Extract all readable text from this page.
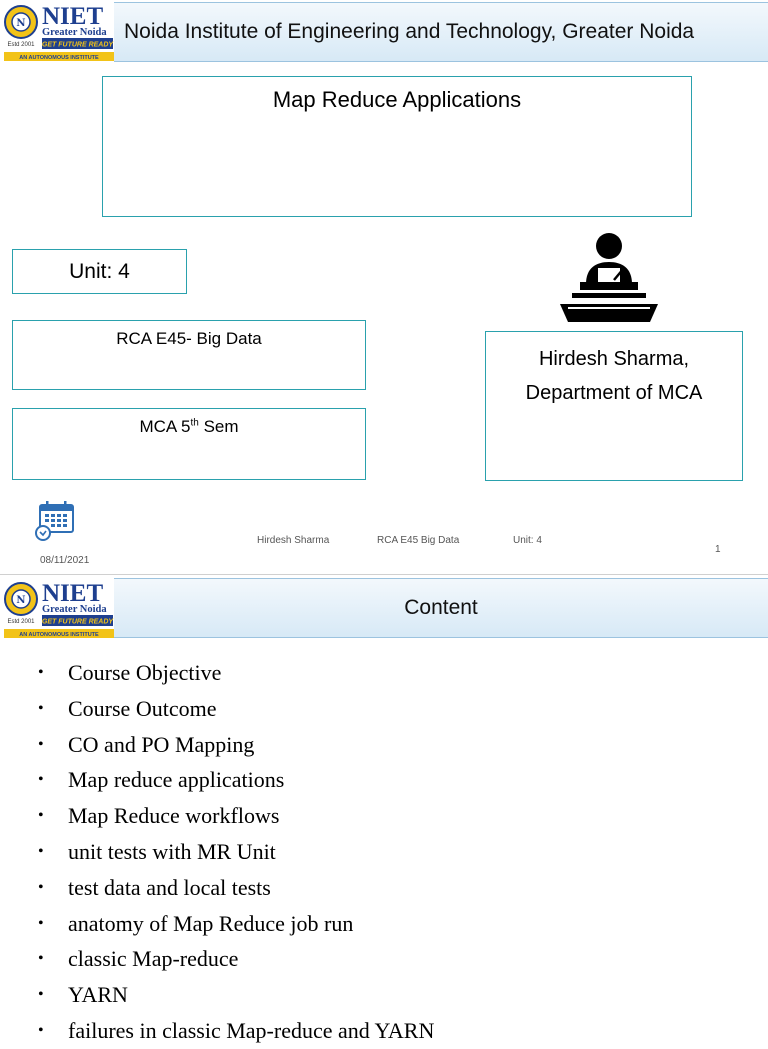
N
Estd 2001
NIET
Greater Noida
GET FUTURE READY
AN AUTONOMOUS INSTITUTE
Noida Institute of Engineering and Technology, Greater Noida
Map Reduce Applications
Unit: 4
RCA E45- Big Data
MCA 5th Sem
Hirdesh Sharma,
Department of MCA
Hirdesh Sharma	RCA E45 Big Data	Unit: 4
1
08/11/2021
N
Estd 2001
NIET
Greater Noida
GET FUTURE READY
AN AUTONOMOUS INSTITUTE
Content
•	Course Objective
•	Course Outcome
•	CO and PO Mapping
•	Map reduce applications
•	Map Reduce workflows
•	unit tests with MR Unit
•	test data and local tests
•	anatomy of Map Reduce job run
•	classic Map-reduce
•	YARN
•	failures in classic Map-reduce and YARN
